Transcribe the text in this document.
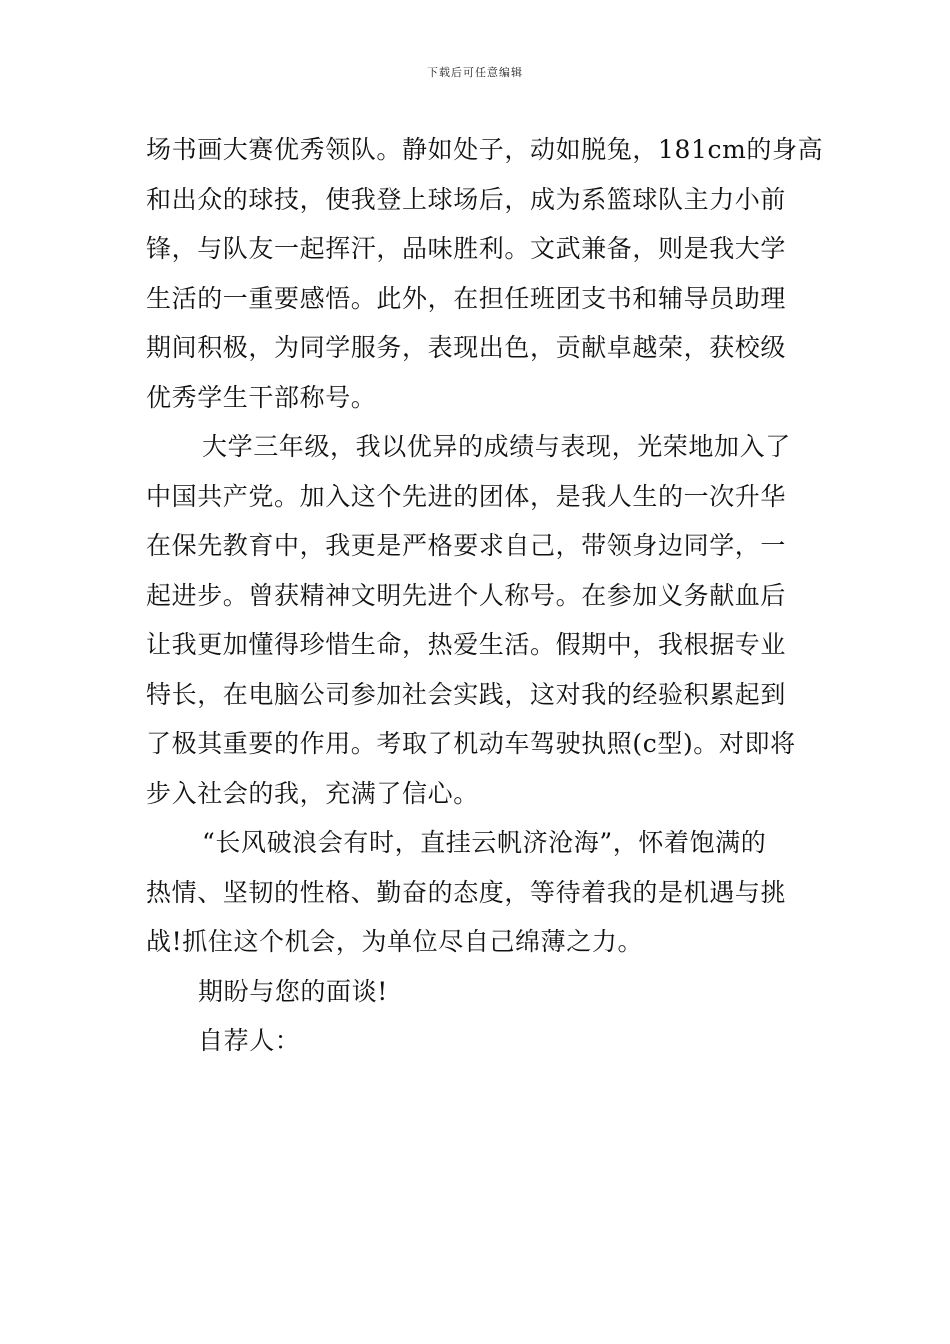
下载后可任意编辑
场书画大赛优秀领队。静如处子，动如脱兔，181cm的身高
和出众的球技，使我登上球场后，成为系篮球队主力小前
锋，与队友一起挥汗，品味胜利。文武兼备，则是我大学
生活的一重要感悟。此外，在担任班团支书和辅导员助理
期间积极，为同学服务，表现出色，贡献卓越荣，获校级
优秀学生干部称号。
大学三年级，我以优异的成绩与表现，光荣地加入了
中国共产党。加入这个先进的团体，是我人生的一次升华
在保先教育中，我更是严格要求自己，带领身边同学，一
起进步。曾获精神文明先进个人称号。在参加义务献血后
让我更加懂得珍惜生命，热爱生活。假期中，我根据专业
特长，在电脑公司参加社会实践，这对我的经验积累起到
了极其重要的作用。考取了机动车驾驶执照(c型)。对即将
步入社会的我，充满了信心。
“长风破浪会有时，直挂云帆济沧海”，怀着饱满的
热情、坚韧的性格、勤奋的态度，等待着我的是机遇与挑
战!抓住这个机会，为单位尽自己绵薄之力。
期盼与您的面谈!
自荐人：
